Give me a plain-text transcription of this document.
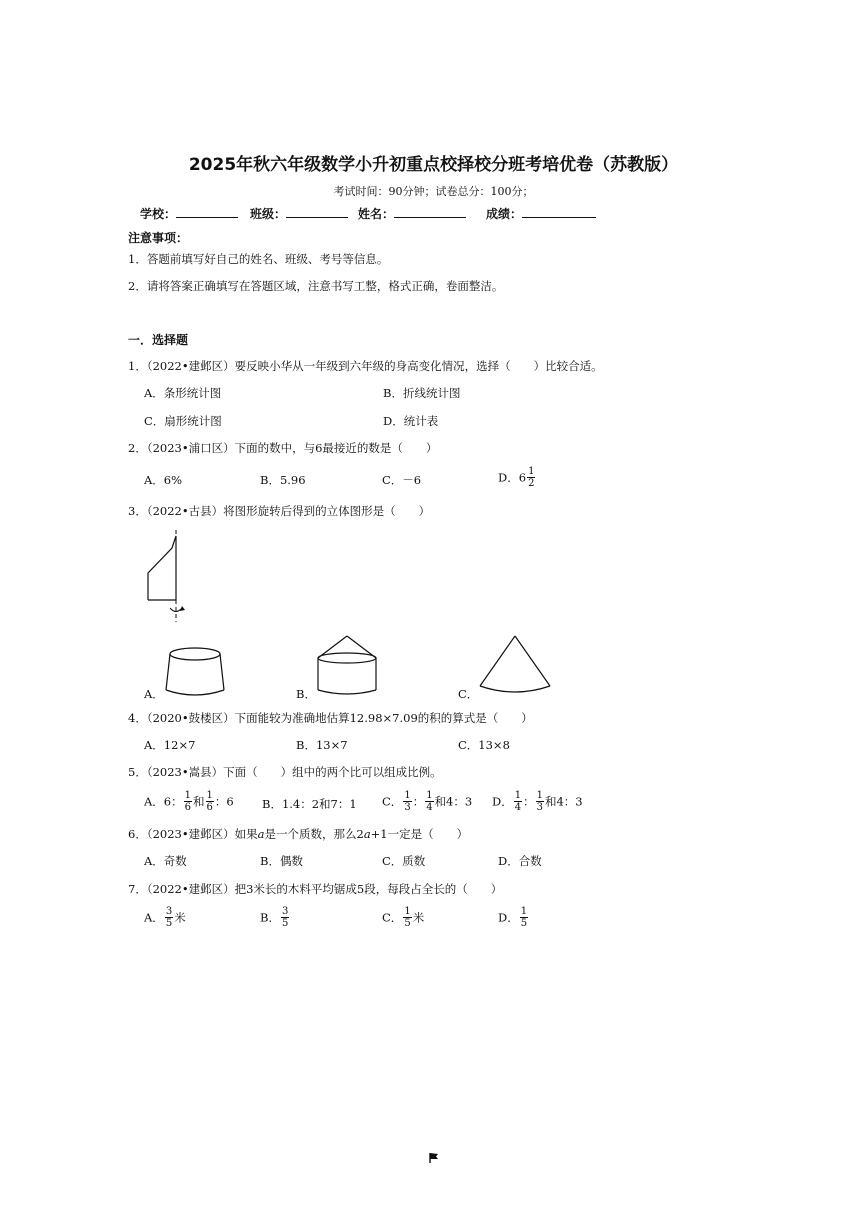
2025年秋六年级数学小升初重点校择校分班考培优卷（苏教版）
考试时间：90分钟；试卷总分：100分；
学校：	班级：	姓名：	成绩：
注意事项：
1．答题前填写好自己的姓名、班级、考号等信息。
2．请将答案正确填写在答题区域，注意书写工整，格式正确，卷面整洁。
一．选择题
1．（2022•建邺区）要反映小华从一年级到六年级的身高变化情况，选择（　　）比较合适。
A．条形统计图	B．折线统计图
C．扇形统计图	D．统计表
2．（2023•浦口区）下面的数中，与6最接近的数是（　　）
A．6%	B．5.96	C．－6	D．$6 \frac{1}{2}$
3．（2022•古县）将图形旋转后得到的立体图形是（　　）
A．	B．	C．
4．（2020•鼓楼区）下面能较为准确地估算12.98×7.09的积的算式是（　　）
A．12×7	B．13×7	C．13×8
5．（2023•嵩县）下面（　　）组中的两个比可以组成比例。
A．6： $\frac{1}{6}$ 和 $\frac{1}{6}$ ：6 B．1.4：2和7：1 C． $\frac{1}{3}$ ： $\frac{1}{4}$ 和4：3 D． $\frac{1}{4}$ ： $\frac{1}{3}$ 和4：3
6．（2023•建邺区）如果a是一个质数，那么2a+1一定是（　　）
A．奇数	B．偶数	C．质数	D．合数
7．（2022•建邺区）把3米长的木料平均锯成5段，每段占全长的（　　）
A． $\frac{3}{5}$ 米	B． $\frac{3}{5}$	C． $\frac{1}{5}$ 米	D． $\frac{1}{5}$
